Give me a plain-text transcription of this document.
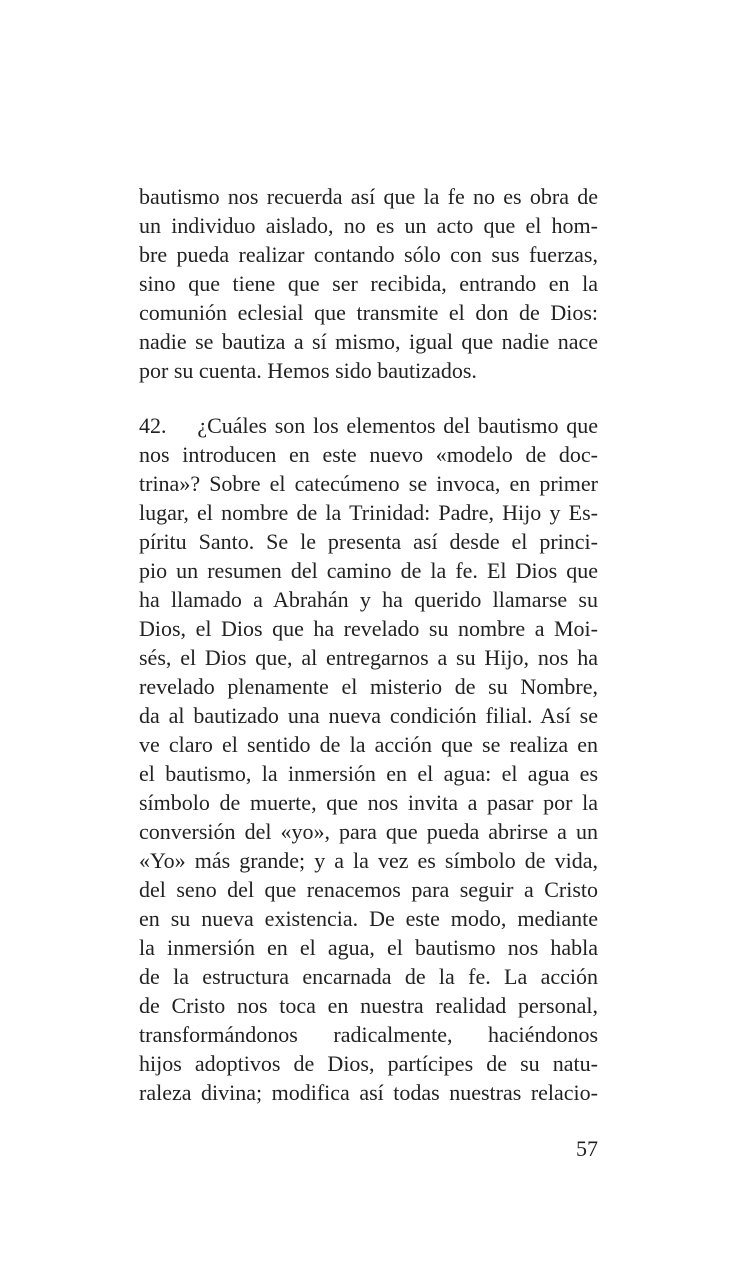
bautismo nos recuerda así que la fe no es obra de
un individuo aislado, no es un acto que el hom-
bre pueda realizar contando sólo con sus fuerzas,
sino que tiene que ser recibida, entrando en la
comunión eclesial que transmite el don de Dios:
nadie se bautiza a sí mismo, igual que nadie nace
por su cuenta. Hemos sido bautizados.
42.    ¿Cuáles son los elementos del bautismo que
nos introducen en este nuevo «modelo de doc-
trina»? Sobre el catecúmeno se invoca, en primer
lugar, el nombre de la Trinidad: Padre, Hijo y Es-
píritu Santo. Se le presenta así desde el princi-
pio un resumen del camino de la fe. El Dios que
ha llamado a Abrahán y ha querido llamarse su
Dios, el Dios que ha revelado su nombre a Moi-
sés, el Dios que, al entregarnos a su Hijo, nos ha
revelado plenamente el misterio de su Nombre,
da al bautizado una nueva condición filial. Así se
ve claro el sentido de la acción que se realiza en
el bautismo, la inmersión en el agua: el agua es
símbolo de muerte, que nos invita a pasar por la
conversión del «yo», para que pueda abrirse a un
«Yo» más grande; y a la vez es símbolo de vida,
del seno del que renacemos para seguir a Cristo
en su nueva existencia. De este modo, mediante
la inmersión en el agua, el bautismo nos habla
de la estructura encarnada de la fe. La acción
de Cristo nos toca en nuestra realidad personal,
transformándonos radicalmente, haciéndonos
hijos adoptivos de Dios, partícipes de su natu-
raleza divina; modifica así todas nuestras relacio-
57
